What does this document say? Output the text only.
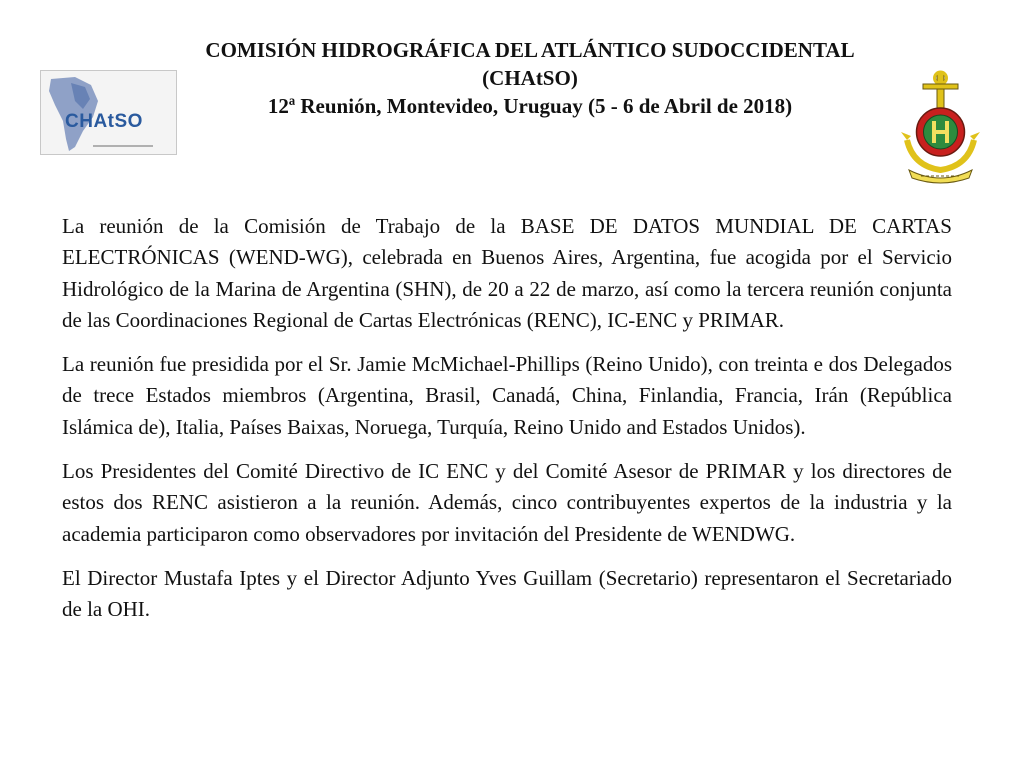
CHAtSO
COMISIÓN HIDROGRÁFICA DEL ATLÁNTICO SUDOCCIDENTAL
(CHAtSO)
12ª Reunión, Montevideo, Uruguay (5 - 6 de Abril de 2018)

La reunión de la Comisión de Trabajo de la BASE DE DATOS MUNDIAL DE CARTAS ELECTRÓNICAS (WEND-WG), celebrada en Buenos Aires, Argentina, fue acogida por el Servicio Hidrológico de la Marina de Argentina (SHN), de 20 a 22 de marzo, así como la tercera reunión conjunta de las Coordinaciones Regional de Cartas Electrónicas (RENC), IC-ENC y PRIMAR.

La reunión fue presidida por el Sr. Jamie McMichael-Phillips (Reino Unido), con treinta e dos Delegados de trece Estados miembros (Argentina, Brasil, Canadá, China, Finlandia, Francia, Irán (República Islámica de), Italia, Países Baixas, Noruega, Turquía, Reino Unido and Estados Unidos).

Los Presidentes del Comité Directivo de IC ENC y del Comité Asesor de PRIMAR y los directores de estos dos RENC asistieron a la reunión. Además, cinco contribuyentes expertos de la industria y la academia participaron como observadores por invitación del Presidente de WENDWG.

El Director Mustafa Iptes y el Director Adjunto Yves Guillam (Secretario) representaron el Secretariado de la OHI.
